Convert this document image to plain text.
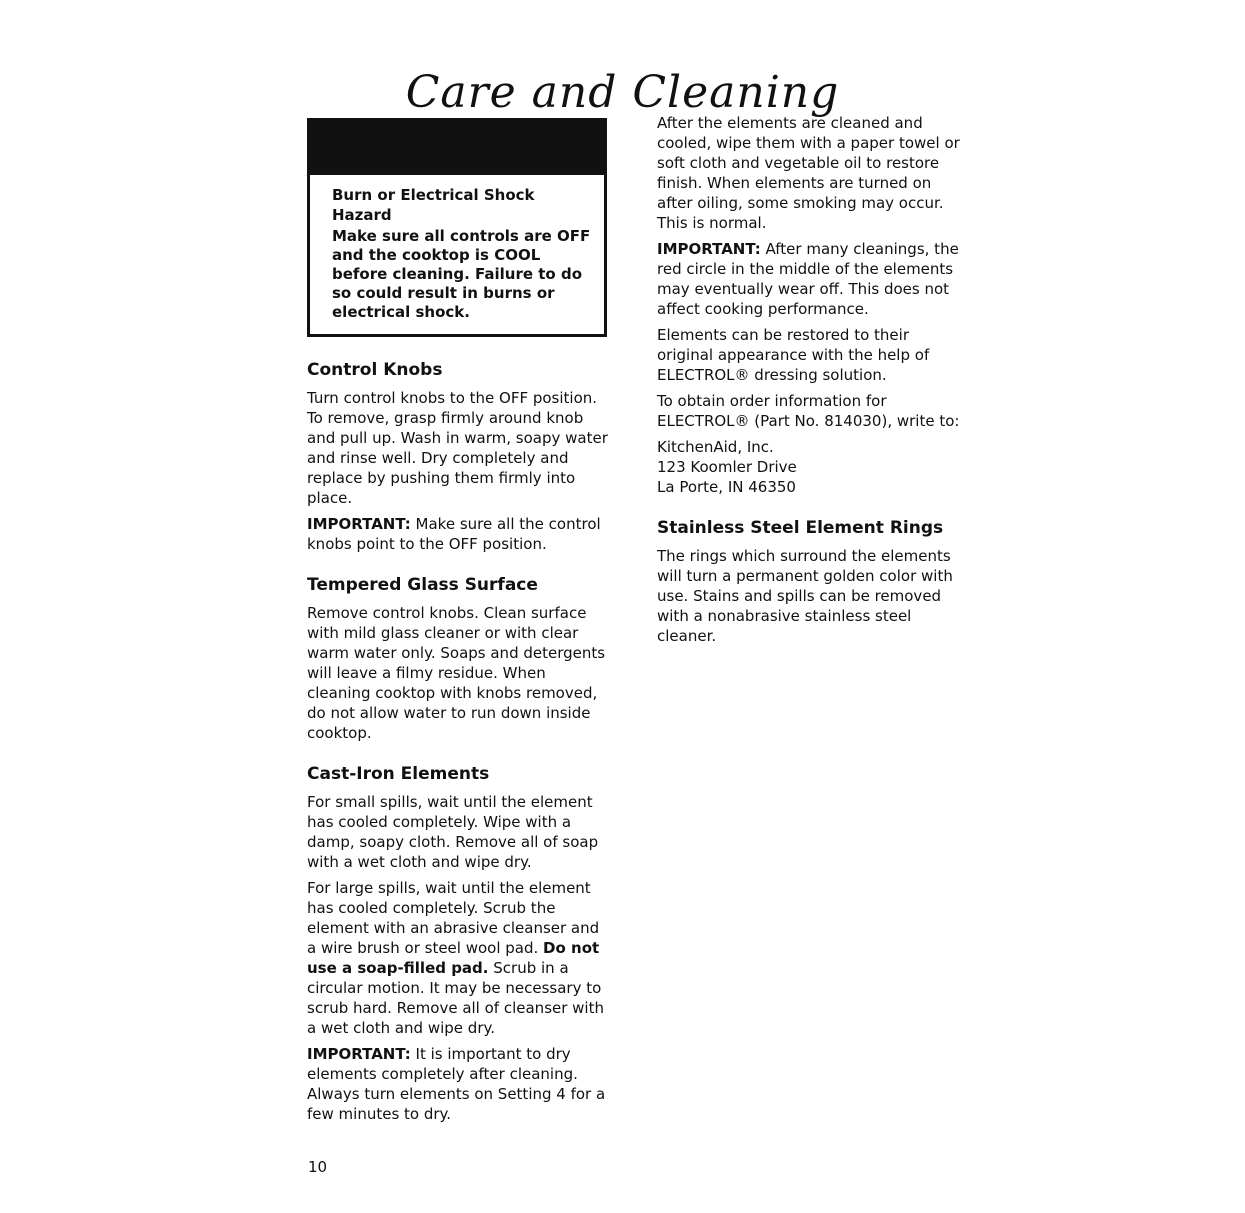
Care and Cleaning
Burn or Electrical Shock Hazard

Make sure all controls are OFF and the cooktop is COOL before cleaning. Failure to do so could result in burns or electrical shock.

Control Knobs

Turn control knobs to the OFF position. To remove, grasp firmly around knob and pull up. Wash in warm, soapy water and rinse well. Dry completely and replace by pushing them firmly into place.

IMPORTANT: Make sure all the control knobs point to the OFF position.

Tempered Glass Surface

Remove control knobs. Clean surface with mild glass cleaner or with clear warm water only. Soaps and detergents will leave a filmy residue. When cleaning cooktop with knobs removed, do not allow water to run down inside cooktop.

Cast-Iron Elements

For small spills, wait until the element has cooled completely. Wipe with a damp, soapy cloth. Remove all of soap with a wet cloth and wipe dry.

For large spills, wait until the element has cooled completely. Scrub the element with an abrasive cleanser and a wire brush or steel wool pad. Do not use a soap-filled pad. Scrub in a circular motion. It may be necessary to scrub hard. Remove all of cleanser with a wet cloth and wipe dry.

IMPORTANT: It is important to dry elements completely after cleaning. Always turn elements on Setting 4 for a few minutes to dry.

After the elements are cleaned and cooled, wipe them with a paper towel or soft cloth and vegetable oil to restore finish. When elements are turned on after oiling, some smoking may occur. This is normal.

IMPORTANT: After many cleanings, the red circle in the middle of the elements may eventually wear off. This does not affect cooking performance.

Elements can be restored to their original appearance with the help of ELECTROL® dressing solution.

To obtain order information for ELECTROL® (Part No. 814030), write to:

KitchenAid, Inc.
123 Koomler Drive
La Porte, IN 46350

Stainless Steel Element Rings

The rings which surround the elements will turn a permanent golden color with use. Stains and spills can be removed with a nonabrasive stainless steel cleaner.

10
